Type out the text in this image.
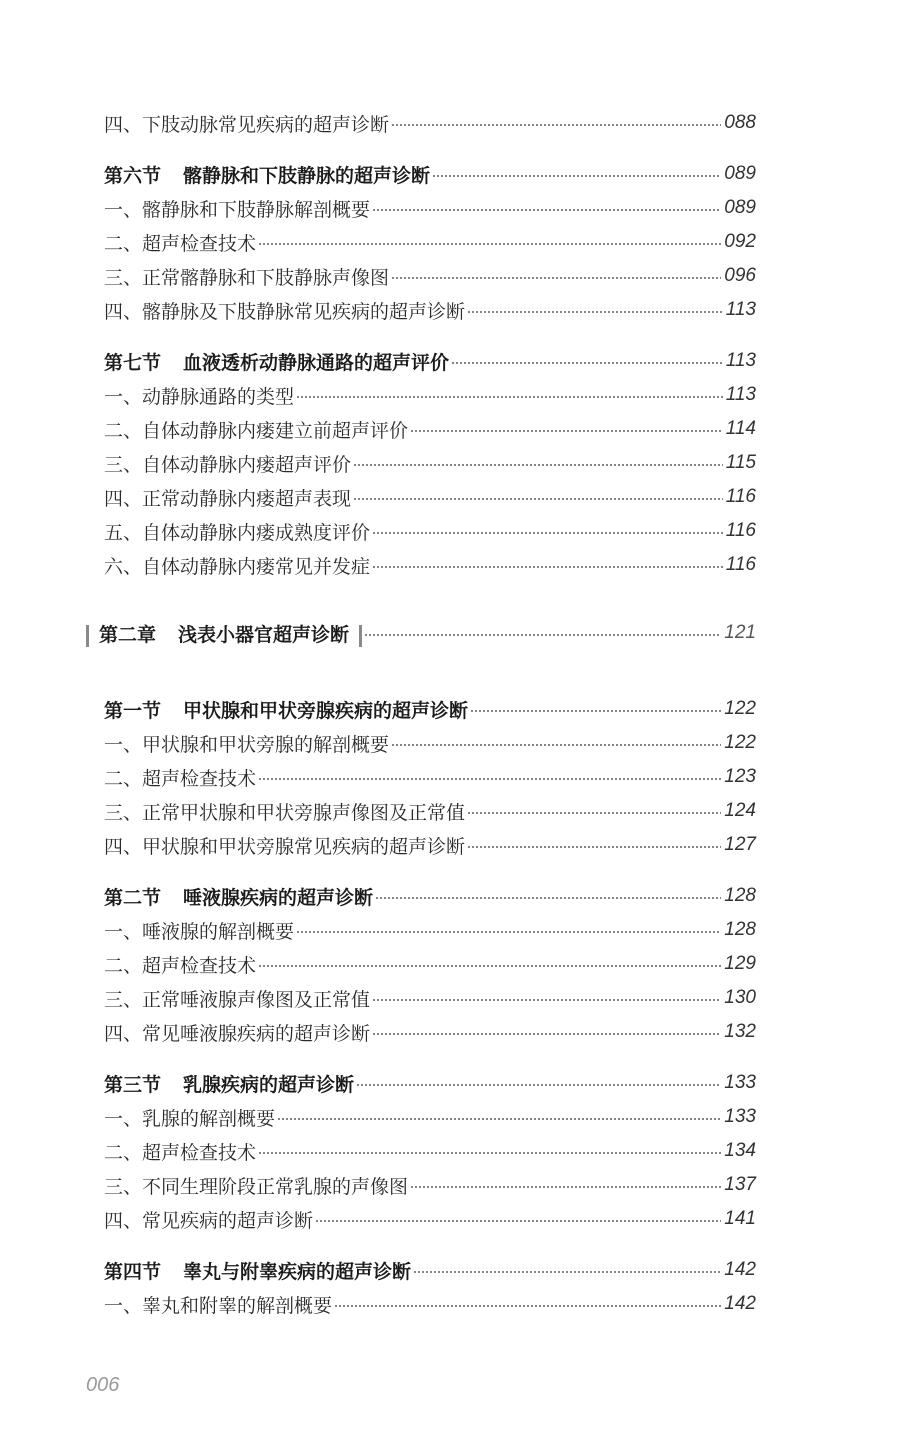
四、下肢动脉常见疾病的超声诊断	088
第六节 髂静脉和下肢静脉的超声诊断	089
一、髂静脉和下肢静脉解剖概要	089
二、超声检查技术	092
三、正常髂静脉和下肢静脉声像图	096
四、髂静脉及下肢静脉常见疾病的超声诊断	113
第七节 血液透析动静脉通路的超声评价	113
一、动静脉通路的类型	113
二、自体动静脉内瘘建立前超声评价	114
三、自体动静脉内瘘超声评价	115
四、正常动静脉内瘘超声表现	116
五、自体动静脉内瘘成熟度评价	116
六、自体动静脉内瘘常见并发症	116
第二章 浅表小器官超声诊断	121
第一节 甲状腺和甲状旁腺疾病的超声诊断	122
一、甲状腺和甲状旁腺的解剖概要	122
二、超声检查技术	123
三、正常甲状腺和甲状旁腺声像图及正常值	124
四、甲状腺和甲状旁腺常见疾病的超声诊断	127
第二节 唾液腺疾病的超声诊断	128
一、唾液腺的解剖概要	128
二、超声检查技术	129
三、正常唾液腺声像图及正常值	130
四、常见唾液腺疾病的超声诊断	132
第三节 乳腺疾病的超声诊断	133
一、乳腺的解剖概要	133
二、超声检查技术	134
三、不同生理阶段正常乳腺的声像图	137
四、常见疾病的超声诊断	141
第四节 睾丸与附睾疾病的超声诊断	142
一、睾丸和附睾的解剖概要	142
006
